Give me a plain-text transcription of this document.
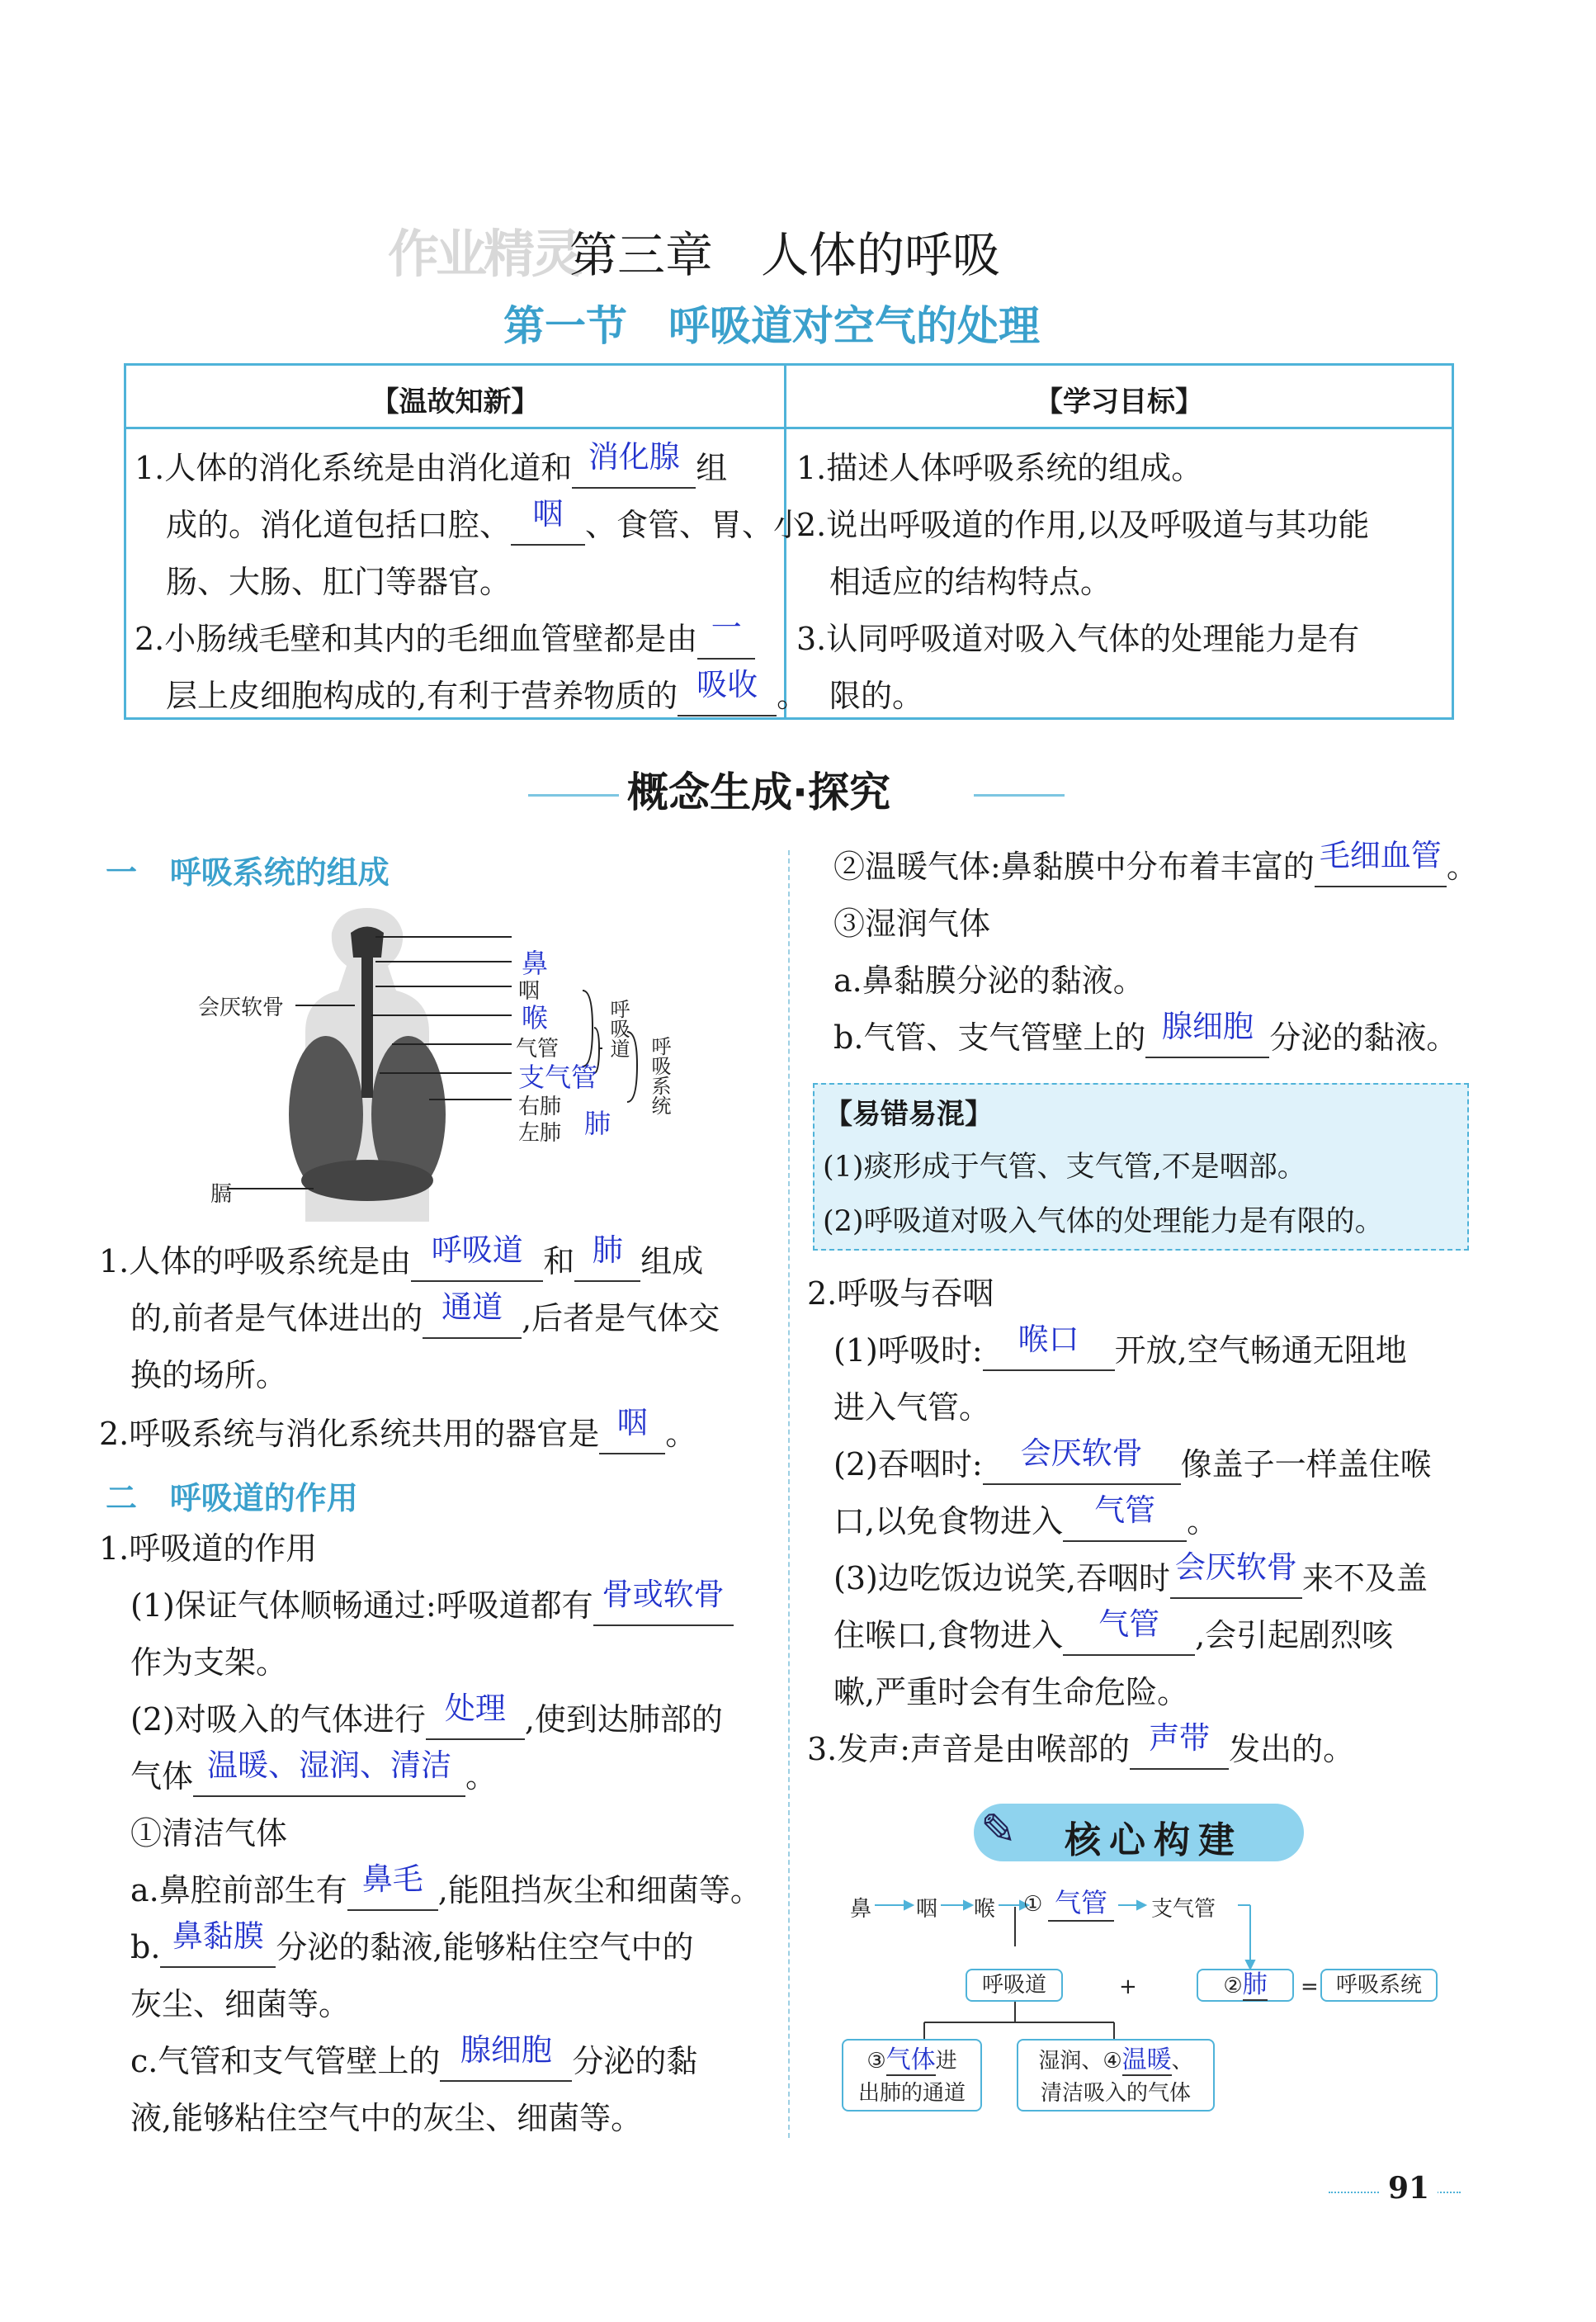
作业精灵
第三章　人体的呼吸
第一节　呼吸道对空气的处理
【温故知新】	【学习目标】
1.人体的消化系统是由消化道和 消化腺 组
成的。消化道包括口腔、 咽 、食管、胃、小
肠、大肠、肛门等器官。
2.小肠绒毛壁和其内的毛细血管壁都是由 一
层上皮细胞构成的,有利于营养物质的 吸收 。
1.描述人体呼吸系统的组成。
2.说出呼吸道的作用,以及呼吸道与其功能
相适应的结构特点。
3.认同呼吸道对吸入气体的处理能力是有
限的。
概念生成·探究
一 呼吸系统的组成
会厌软骨
膈
鼻
咽
喉
气管
支气管
右肺
左肺 肺
呼吸道
呼吸系统
1.人体的呼吸系统是由 呼吸道 和 肺 组成
的,前者是气体进出的 通道 ,后者是气体交
换的场所。
2.呼吸系统与消化系统共用的器官是 咽 。
二 呼吸道的作用
1.呼吸道的作用
(1)保证气体顺畅通过:呼吸道都有 骨或软骨
作为支架。
(2)对吸入的气体进行 处理 ,使到达肺部的
气体 温暖、湿润、清洁 。
①清洁气体
a.鼻腔前部生有 鼻毛 ,能阻挡灰尘和细菌等。
b. 鼻黏膜 分泌的黏液,能够粘住空气中的
灰尘、细菌等。
c.气管和支气管壁上的 腺细胞 分泌的黏
液,能够粘住空气中的灰尘、细菌等。
②温暖气体:鼻黏膜中分布着丰富的 毛细血管 。
③湿润气体
a.鼻黏膜分泌的黏液。
b.气管、支气管壁上的 腺细胞 分泌的黏液。
【易错易混】
(1)痰形成于气管、支气管,不是咽部。
(2)呼吸道对吸入气体的处理能力是有限的。
2.呼吸与吞咽
(1)呼吸时: 喉口 开放,空气畅通无阻地
进入气管。
(2)吞咽时: 会厌软骨 像盖子一样盖住喉
口,以免食物进入 气管 。
(3)边吃饭边说笑,吞咽时 会厌软骨 来不及盖
住喉口,食物进入 气管 ,会引起剧烈咳
嗽,严重时会有生命危险。
3.发声:声音是由喉部的 声带 发出的。
✎ 核心构建
鼻 咽 喉 ① 气管	支气管
呼吸道	+	②肺	= 呼吸系统
③气体进
出肺的通道
湿润、④温暖、
清洁吸入的气体
91
